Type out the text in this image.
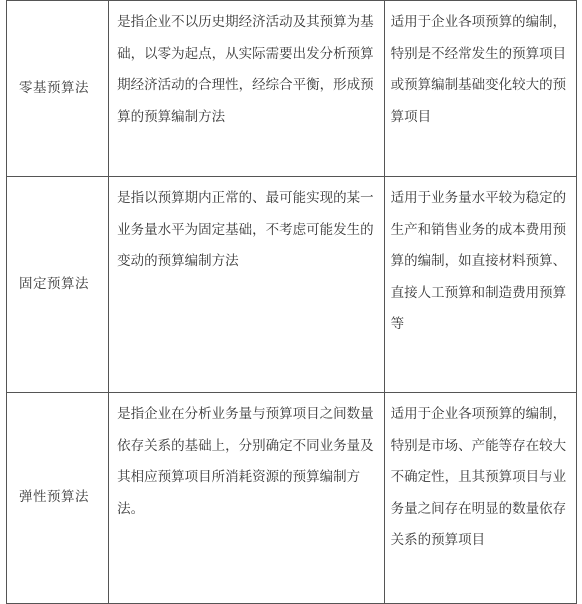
零基预算法	是指企业不以历史期经济活动及其预算为基础，以零为起点，从实际需要出发分析预算期经济活动的合理性，经综合平衡，形成预算的预算编制方法	适用于企业各项预算的编制，特别是不经常发生的预算项目或预算编制基础变化较大的预算项目
固定预算法	是指以预算期内正常的、最可能实现的某一业务量水平为固定基础，不考虑可能发生的变动的预算编制方法	适用于业务量水平较为稳定的生产和销售业务的成本费用预算的编制，如直接材料预算、直接人工预算和制造费用预算等
弹性预算法	是指企业在分析业务量与预算项目之间数量依存关系的基础上，分别确定不同业务量及其相应预算项目所消耗资源的预算编制方法。	适用于企业各项预算的编制，特别是市场、产能等存在较大不确定性，且其预算项目与业务量之间存在明显的数量依存关系的预算项目
